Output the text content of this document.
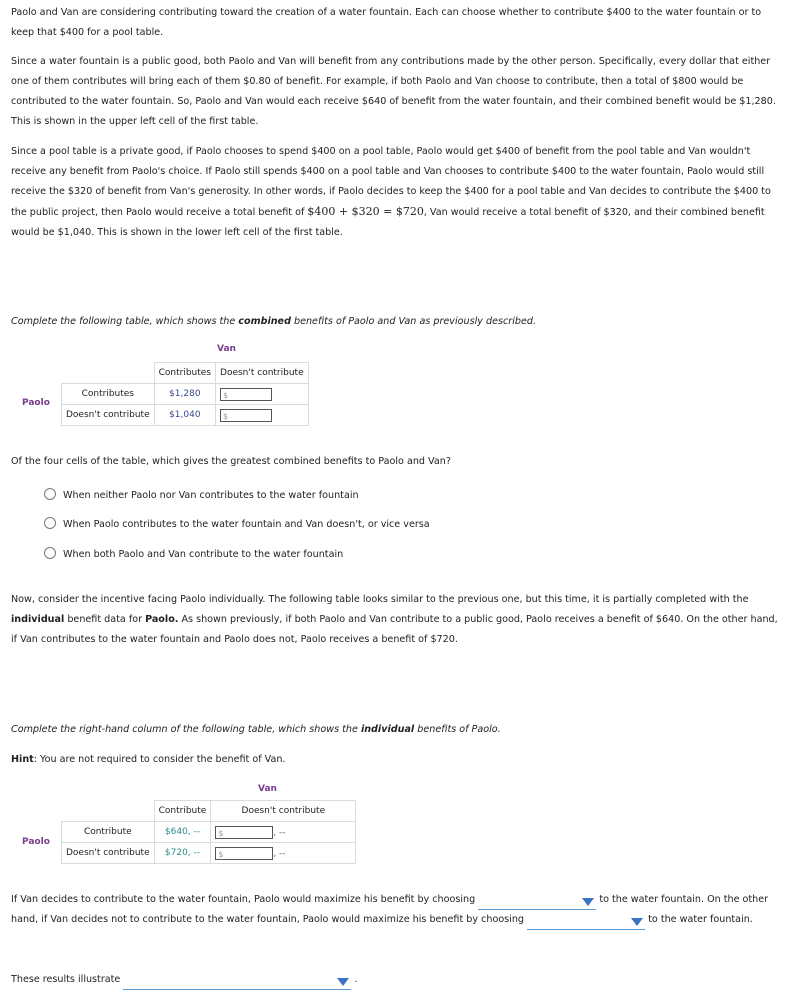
Paolo and Van are considering contributing toward the creation of a water fountain. Each can choose whether to contribute $400 to the water fountain or to keep that $400 for a pool table.

Since a water fountain is a public good, both Paolo and Van will benefit from any contributions made by the other person. Specifically, every dollar that either one of them contributes will bring each of them $0.80 of benefit. For example, if both Paolo and Van choose to contribute, then a total of $800 would be contributed to the water fountain. So, Paolo and Van would each receive $640 of benefit from the water fountain, and their combined benefit would be $1,280. This is shown in the upper left cell of the first table.

Since a pool table is a private good, if Paolo chooses to spend $400 on a pool table, Paolo would get $400 of benefit from the pool table and Van wouldn't receive any benefit from Paolo's choice. If Paolo still spends $400 on a pool table and Van chooses to contribute $400 to the water fountain, Paolo would still receive the $320 of benefit from Van's generosity. In other words, if Paolo decides to keep the $400 for a pool table and Van decides to contribute the $400 to the public project, then Paolo would receive a total benefit of $400 + $320 = $720, Van would receive a total benefit of $320, and their combined benefit would be $1,040. This is shown in the lower left cell of the first table.

Complete the following table, which shows the combined benefits of Paolo and Van as previously described.

Van
Paolo
	Contributes	Doesn't contribute
Contributes	$1,280	$
Doesn't contribute	$1,040	$

Of the four cells of the table, which gives the greatest combined benefits to Paolo and Van?

When neither Paolo nor Van contributes to the water fountain
When Paolo contributes to the water fountain and Van doesn't, or vice versa
When both Paolo and Van contribute to the water fountain

Now, consider the incentive facing Paolo individually. The following table looks similar to the previous one, but this time, it is partially completed with the individual benefit data for Paolo. As shown previously, if both Paolo and Van contribute to a public good, Paolo receives a benefit of $640. On the other hand, if Van contributes to the water fountain and Paolo does not, Paolo receives a benefit of $720.

Complete the right-hand column of the following table, which shows the individual benefits of Paolo.

Hint: You are not required to consider the benefit of Van.

Van
Paolo
	Contribute	Doesn't contribute
Contribute	$640, --	$ , --
Doesn't contribute	$720, --	$ , --

If Van decides to contribute to the water fountain, Paolo would maximize his benefit by choosing	to the water fountain. On the other hand, if Van decides not to contribute to the water fountain, Paolo would maximize his benefit by choosing	to the water fountain.

These results illustrate	.
